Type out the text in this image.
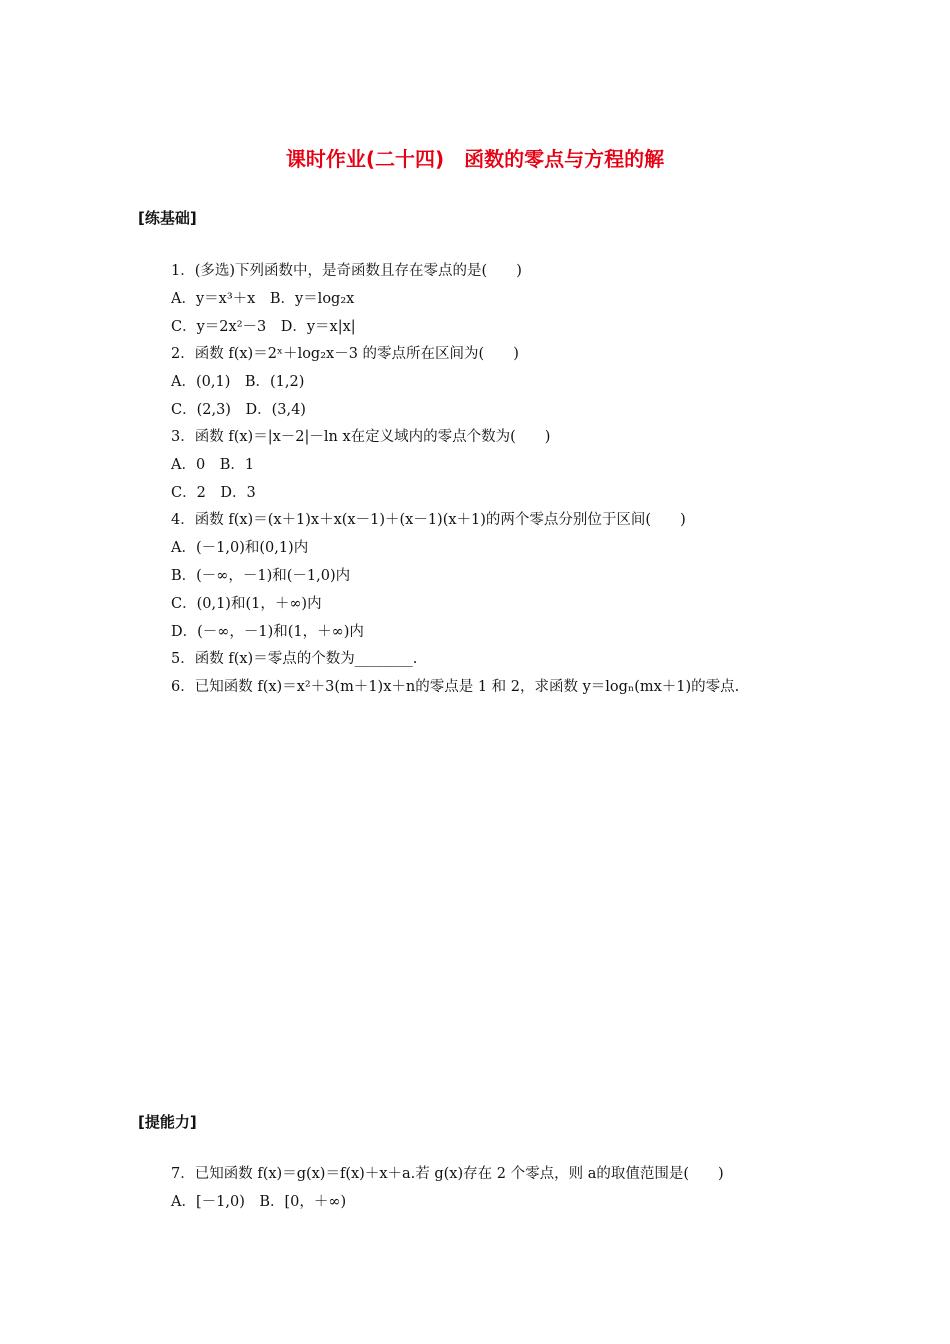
课时作业(二十四)　函数的零点与方程的解
[练基础]
1．(多选)下列函数中，是奇函数且存在零点的是(　　)
A．y＝x³＋x　B．y＝log₂x
C．y＝2x²－3　D．y＝x|x|
2．函数 f(x)＝2ˣ＋log₂x－3 的零点所在区间为(　　)
A．(0,1)　B．(1,2)
C．(2,3)　D．(3,4)
3．函数 f(x)＝|x－2|－ln x在定义域内的零点个数为(　　)
A．0　B．1
C．2　D．3
4．函数 f(x)＝(x＋1)x＋x(x－1)＋(x－1)(x＋1)的两个零点分别位于区间(　　)
A．(－1,0)和(0,1)内
B．(－∞，－1)和(－1,0)内
C．(0,1)和(1，＋∞)内
D．(－∞，－1)和(1，＋∞)内
5．函数 f(x)＝零点的个数为________.
6．已知函数 f(x)＝x²＋3(m＋1)x＋n的零点是 1 和 2，求函数 y＝logₙ(mx＋1)的零点.
[提能力]
7．已知函数 f(x)＝g(x)＝f(x)＋x＋a.若 g(x)存在 2 个零点，则 a的取值范围是(　　)
A．[－1,0)　B．[0，＋∞)
